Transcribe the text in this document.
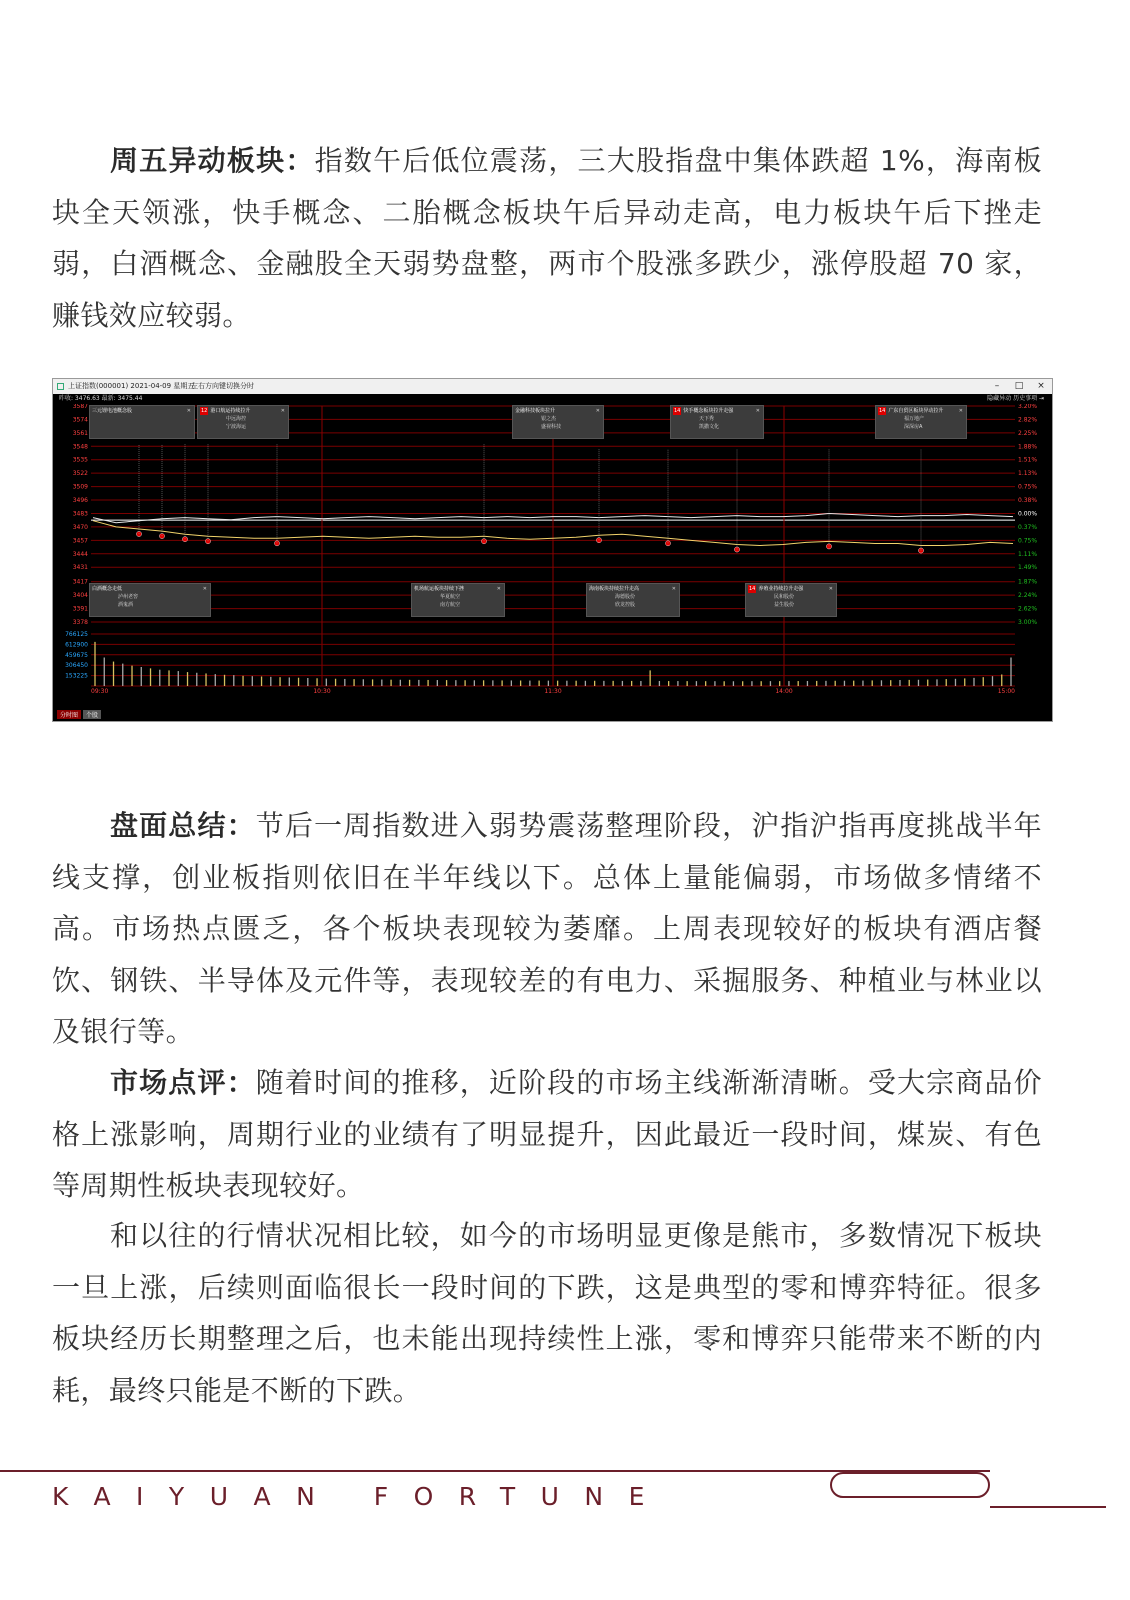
周五异动板块：指数午后低位震荡，三大股指盘中集体跌超 1%，海南板块全天领涨，快手概念、二胎概念板块午后异动走高，电力板块午后下挫走弱，白酒概念、金融股全天弱势盘整，两市个股涨多跌少，涨停股超 70 家，赚钱效应较弱。

上证指数(000001) 2021-04-09 星期五
左右方向键切换分时	–	□	×
昨收: 3476.63 最新: 3475.44	隐藏异动 历史事项 ⇥
3587	3.20%
3574	2.82%
3561	2.25%
3548	1.88%
3535	1.51%
3522	1.13%
3509	0.75%
3496	0.38%
3483	0.00%
3470	0.37%
3457	0.75%
3444	1.11%
3431	1.49%
3417	1.87%
3404	2.24%
3391	2.62%
3378	3.00%
766125
612900
459675
306450
153225
09:30	10:30	11:30	14:00	15:00
三元锂电池概念股	✕ 12 港口航运持续拉升	✕
中远海控
宁波海运
金融科技板块拉升	✕
银之杰
盛视科技
14 快手概念板块拉升走强	✕
天下秀
凯撒文化
14 广东自贸区板块异动拉升	✕
福万地产
深深房A
白酒概念走低	✕
泸州老窖
酒鬼酒
机场航运板块持续下挫	✕
华夏航空
南方航空
海南板块持续拉升走高	✕
海德股份
欣龙控股
14 养殖业持续拉升走强	✕
民和股份
益生股份
分时图 个股

盘面总结：节后一周指数进入弱势震荡整理阶段，沪指沪指再度挑战半年线支撑，创业板指则依旧在半年线以下。总体上量能偏弱，市场做多情绪不高。市场热点匮乏，各个板块表现较为萎靡。上周表现较好的板块有酒店餐饮、钢铁、半导体及元件等，表现较差的有电力、采掘服务、种植业与林业以及银行等。

市场点评：随着时间的推移，近阶段的市场主线渐渐清晰。受大宗商品价格上涨影响，周期行业的业绩有了明显提升，因此最近一段时间，煤炭、有色等周期性板块表现较好。

和以往的行情状况相比较，如今的市场明显更像是熊市，多数情况下板块一旦上涨，后续则面临很长一段时间的下跌，这是典型的零和博弈特征。很多板块经历长期整理之后，也未能出现持续性上涨，零和博弈只能带来不断的内耗，最终只能是不断的下跌。

KAIYUAN FORTUNE
